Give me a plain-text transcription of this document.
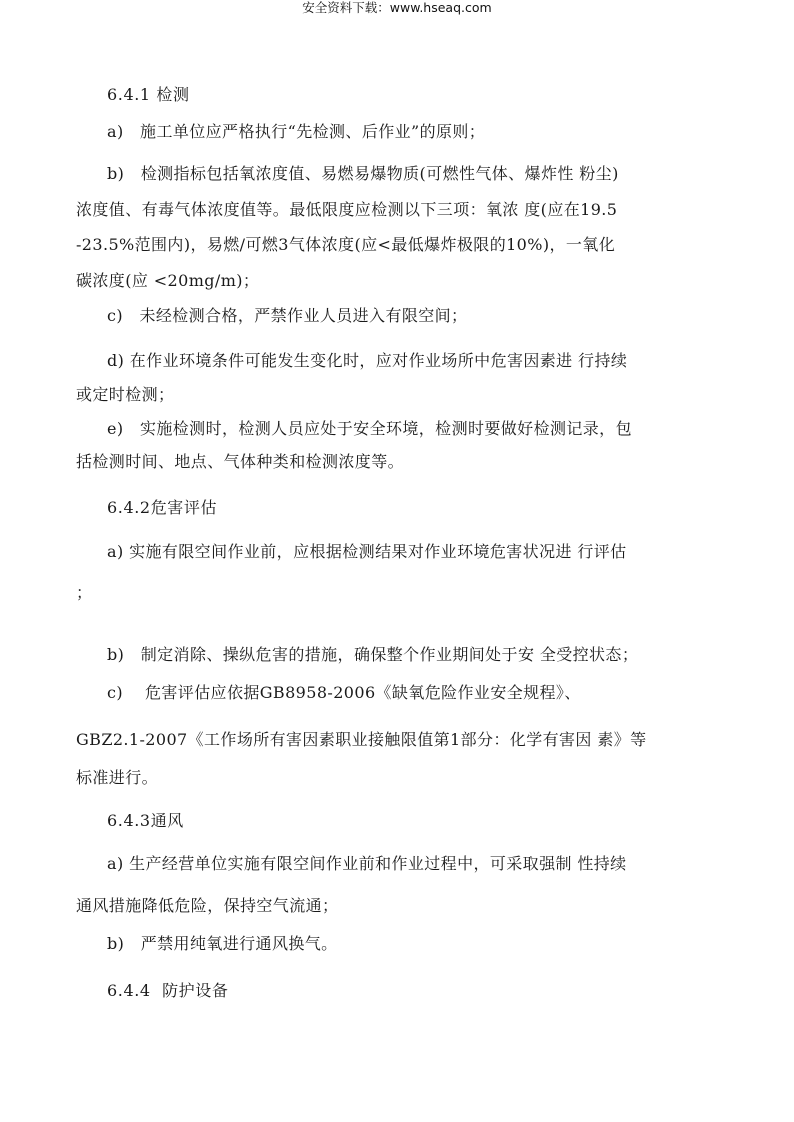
安全资料下载：www.hseaq.com
6.4.1 检测
a)   施工单位应严格执行“先检测、后作业”的原则；
b)   检测指标包括氧浓度值、易燃易爆物质(可燃性气体、爆炸性 粉尘)
浓度值、有毒气体浓度值等。最低限度应检测以下三项：氧浓 度(应在19.5
-23.5%范围内)，易燃/可燃3气体浓度(应<最低爆炸极限的10%)，一氧化
碳浓度(应 <20mg/m)；
c)   未经检测合格，严禁作业人员进入有限空间；
d) 在作业环境条件可能发生变化时，应对作业场所中危害因素进 行持续
或定时检测；
e)   实施检测时，检测人员应处于安全环境，检测时要做好检测记录，包
括检测时间、地点、气体种类和检测浓度等。
6.4.2危害评估
a) 实施有限空间作业前，应根据检测结果对作业环境危害状况进 行评估
；
b)   制定消除、操纵危害的措施，确保整个作业期间处于安 全受控状态；
c)    危害评估应依据GB8958-2006《缺氧危险作业安全规程》、
GBZ2.1-2007《工作场所有害因素职业接触限值第1部分：化学有害因 素》等
标准进行。
6.4.3通风
a) 生产经营单位实施有限空间作业前和作业过程中，可采取强制 性持续
通风措施降低危险，保持空气流通；
b)   严禁用纯氧进行通风换气。
6.4.4  防护设备
